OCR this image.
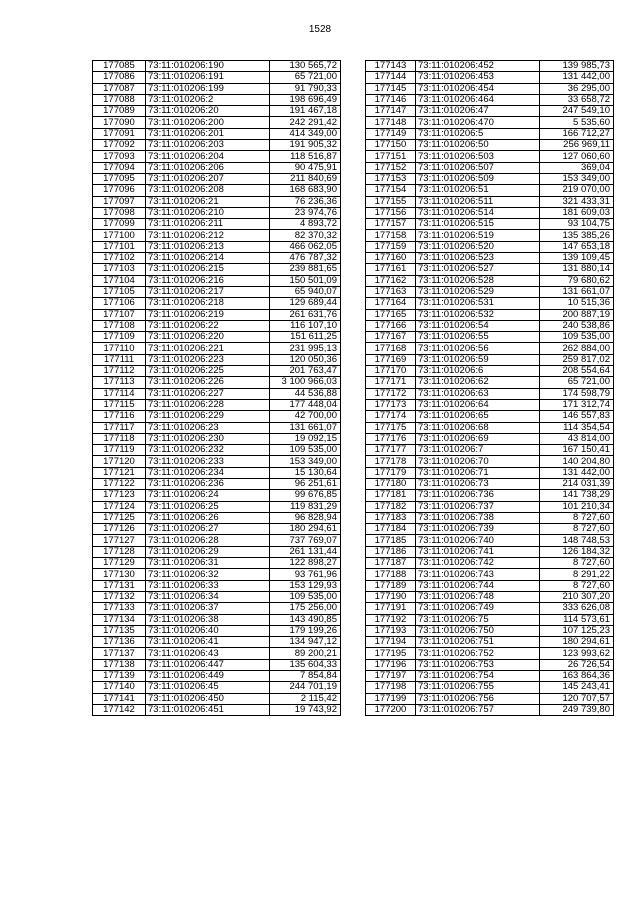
1528
177085	73:11:010206:190	130 565,72
177086	73:11:010206:191	65 721,00
177087	73:11:010206:199	91 790,33
177088	73:11:010206:2	198 696,49
177089	73:11:010206:20	191 467,18
177090	73:11:010206:200	242 291,42
177091	73:11:010206:201	414 349,00
177092	73:11:010206:203	191 905,32
177093	73:11:010206:204	118 516,87
177094	73:11:010206:206	90 475,91
177095	73:11:010206:207	211 840,69
177096	73:11:010206:208	168 683,90
177097	73:11:010206:21	76 236,36
177098	73:11:010206:210	23 974,76
177099	73:11:010206:211	4 893,72
177100	73:11:010206:212	82 370,32
177101	73:11:010206:213	466 062,05
177102	73:11:010206:214	476 787,32
177103	73:11:010206:215	239 881,65
177104	73:11:010206:216	150 501,09
177105	73:11:010206:217	65 940,07
177106	73:11:010206:218	129 689,44
177107	73:11:010206:219	261 631,76
177108	73:11:010206:22	116 107,10
177109	73:11:010206:220	151 611,25
177110	73:11:010206:221	231 995,13
177111	73:11:010206:223	120 050,36
177112	73:11:010206:225	201 763,47
177113	73:11:010206:226	3 100 966,03
177114	73:11:010206:227	44 536,88
177115	73:11:010206:228	177 448,04
177116	73:11:010206:229	42 700,00
177117	73:11:010206:23	131 661,07
177118	73:11:010206:230	19 092,15
177119	73:11:010206:232	109 535,00
177120	73:11:010206:233	153 349,00
177121	73:11:010206:234	15 130,64
177122	73:11:010206:236	96 251,61
177123	73:11:010206:24	99 676,85
177124	73:11:010206:25	119 831,29
177125	73:11:010206:26	96 828,94
177126	73:11:010206:27	180 294,61
177127	73:11:010206:28	737 769,07
177128	73:11:010206:29	261 131,44
177129	73:11:010206:31	122 898,27
177130	73:11:010206:32	93 761,96
177131	73:11:010206:33	153 129,93
177132	73:11:010206:34	109 535,00
177133	73:11:010206:37	175 256,00
177134	73:11:010206:38	143 490,85
177135	73:11:010206:40	179 199,26
177136	73:11:010206:41	134 947,12
177137	73:11:010206:43	89 200,21
177138	73:11:010206:447	135 604,33
177139	73:11:010206:449	7 854,84
177140	73:11:010206:45	244 701,19
177141	73:11:010206:450	2 115,42
177142	73:11:010206:451	19 743,92
177143	73:11:010206:452	139 985,73
177144	73:11:010206:453	131 442,00
177145	73:11:010206:454	36 295,00
177146	73:11:010206:464	33 658,72
177147	73:11:010206:47	247 549,10
177148	73:11:010206:470	5 535,60
177149	73:11:010206:5	166 712,27
177150	73:11:010206:50	256 969,11
177151	73:11:010206:503	127 060,60
177152	73:11:010206:507	369,04
177153	73:11:010206:509	153 349,00
177154	73:11:010206:51	219 070,00
177155	73:11:010206:511	321 433,31
177156	73:11:010206:514	181 609,03
177157	73:11:010206:515	93 104,75
177158	73:11:010206:519	135 385,26
177159	73:11:010206:520	147 653,18
177160	73:11:010206:523	139 109,45
177161	73:11:010206:527	131 880,14
177162	73:11:010206:528	79 680,62
177163	73:11:010206:529	131 661,07
177164	73:11:010206:531	10 515,36
177165	73:11:010206:532	200 887,19
177166	73:11:010206:54	240 538,86
177167	73:11:010206:55	109 535,00
177168	73:11:010206:56	262 884,00
177169	73:11:010206:59	259 817,02
177170	73:11:010206:6	208 554,64
177171	73:11:010206:62	65 721,00
177172	73:11:010206:63	174 598,79
177173	73:11:010206:64	171 312,74
177174	73:11:010206:65	146 557,83
177175	73:11:010206:68	114 354,54
177176	73:11:010206:69	43 814,00
177177	73:11:010206:7	167 150,41
177178	73:11:010206:70	140 204,80
177179	73:11:010206:71	131 442,00
177180	73:11:010206:73	214 031,39
177181	73:11:010206:736	141 738,29
177182	73:11:010206:737	101 210,34
177183	73:11:010206:738	8 727,60
177184	73:11:010206:739	8 727,60
177185	73:11:010206:740	148 748,53
177186	73:11:010206:741	126 184,32
177187	73:11:010206:742	8 727,60
177188	73:11:010206:743	8 291,22
177189	73:11:010206:744	8 727,60
177190	73:11:010206:748	210 307,20
177191	73:11:010206:749	333 626,08
177192	73:11:010206:75	114 573,61
177193	73:11:010206:750	107 125,23
177194	73:11:010206:751	180 294,61
177195	73:11:010206:752	123 993,62
177196	73:11:010206:753	26 726,54
177197	73:11:010206:754	163 864,36
177198	73:11:010206:755	145 243,41
177199	73:11:010206:756	120 707,57
177200	73:11:010206:757	249 739,80
